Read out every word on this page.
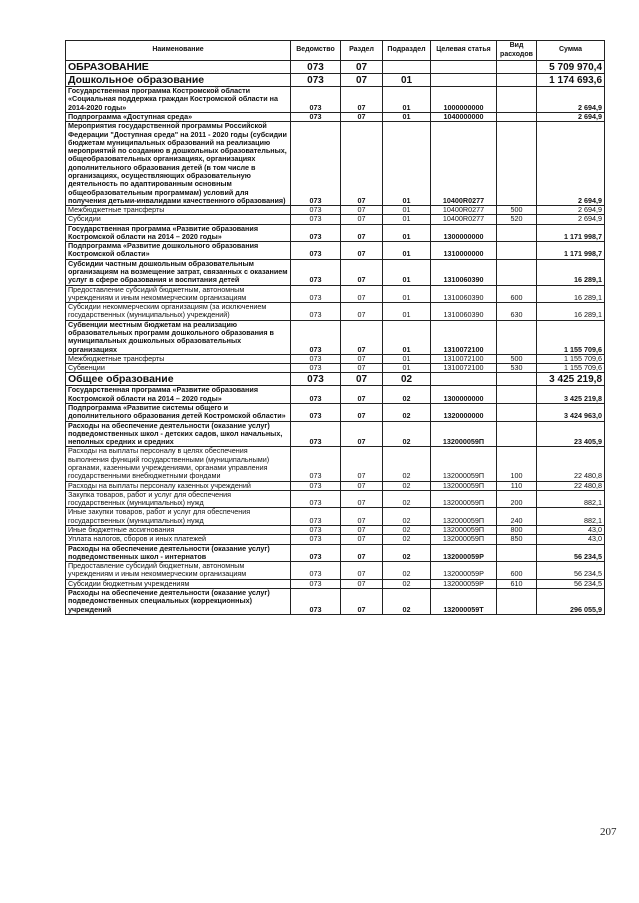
Наименование	Ведомство	Раздел	Подраздел	Целевая статья	Вид расходов	Сумма
ОБРАЗОВАНИЕ	073	07				5 709 970,4
Дошкольное образование	073	07	01			1 174 693,6
Государственная программа Костромской области «Социальная поддержка граждан Костромской области на 2014-2020 годы»	073	07	01	1000000000		2 694,9
Подпрограмма «Доступная среда»	073	07	01	1040000000		2 694,9
Мероприятия государственной программы Российской Федерации "Доступная среда" на 2011 - 2020 годы (субсидии бюджетам муниципальных образований на реализацию мероприятий по созданию в дошкольных образовательных, общеобразовательных организациях, организациях дополнительного образования детей (в том числе в организациях, осуществляющих образовательную деятельность по адаптированным основным общеобразовательным программам) условий для получения детьми-инвалидами качественного образования)	073	07	01	10400R0277		2 694,9
Межбюджетные трансферты	073	07	01	10400R0277	500	2 694,9
Субсидии	073	07	01	10400R0277	520	2 694,9
Государственная программа «Развитие образования Костромской области на 2014 – 2020 годы»	073	07	01	1300000000		1 171 998,7
Подпрограмма «Развитие дошкольного образования Костромской области»	073	07	01	1310000000		1 171 998,7
Субсидии частным дошкольным образовательным организациям на возмещение затрат, связанных с оказанием услуг в сфере образования и воспитания детей	073	07	01	1310060390		16 289,1
Предоставление субсидий бюджетным, автономным учреждениям и иным некоммерческим организациям	073	07	01	1310060390	600	16 289,1
Субсидии некоммерческим организациям (за исключением государственных (муниципальных) учреждений)	073	07	01	1310060390	630	16 289,1
Субвенции местным бюджетам на реализацию образовательных программ дошкольного образования в муниципальных дошкольных образовательных организациях	073	07	01	1310072100		1 155 709,6
Межбюджетные трансферты	073	07	01	1310072100	500	1 155 709,6
Субвенции	073	07	01	1310072100	530	1 155 709,6
Общее образование	073	07	02			3 425 219,8
Государственная программа «Развитие образования Костромской области на 2014 – 2020 годы»	073	07	02	1300000000		3 425 219,8
Подпрограмма «Развитие системы общего и дополнительного образования детей Костромской области»	073	07	02	1320000000		3 424 963,0
Расходы на обеспечение деятельности (оказание услуг) подведомственных школ - детских садов, школ начальных, неполных средних и средних	073	07	02	132000059П		23 405,9
Расходы на выплаты персоналу в целях обеспечения выполнения функций государственными (муниципальными) органами, казенными учреждениями, органами управления государственными внебюджетными фондами	073	07	02	132000059П	100	22 480,8
Расходы на выплаты персоналу казенных учреждений	073	07	02	132000059П	110	22 480,8
Закупка товаров, работ и услуг для обеспечения государственных (муниципальных) нужд	073	07	02	132000059П	200	882,1
Иные закупки товаров, работ и услуг для обеспечения государственных (муниципальных) нужд	073	07	02	132000059П	240	882,1
Иные бюджетные ассигнования	073	07	02	132000059П	800	43,0
Уплата налогов, сборов и иных платежей	073	07	02	132000059П	850	43,0
Расходы на обеспечение деятельности (оказание услуг) подведомственных школ - интернатов	073	07	02	132000059Р		56 234,5
Предоставление субсидий бюджетным, автономным учреждениям и иным некоммерческим организациям	073	07	02	132000059Р	600	56 234,5
Субсидии бюджетным учреждениям	073	07	02	132000059Р	610	56 234,5
Расходы на обеспечение деятельности (оказание услуг) подведомственных специальных (коррекционных) учреждений	073	07	02	132000059Т		296 055,9
207
